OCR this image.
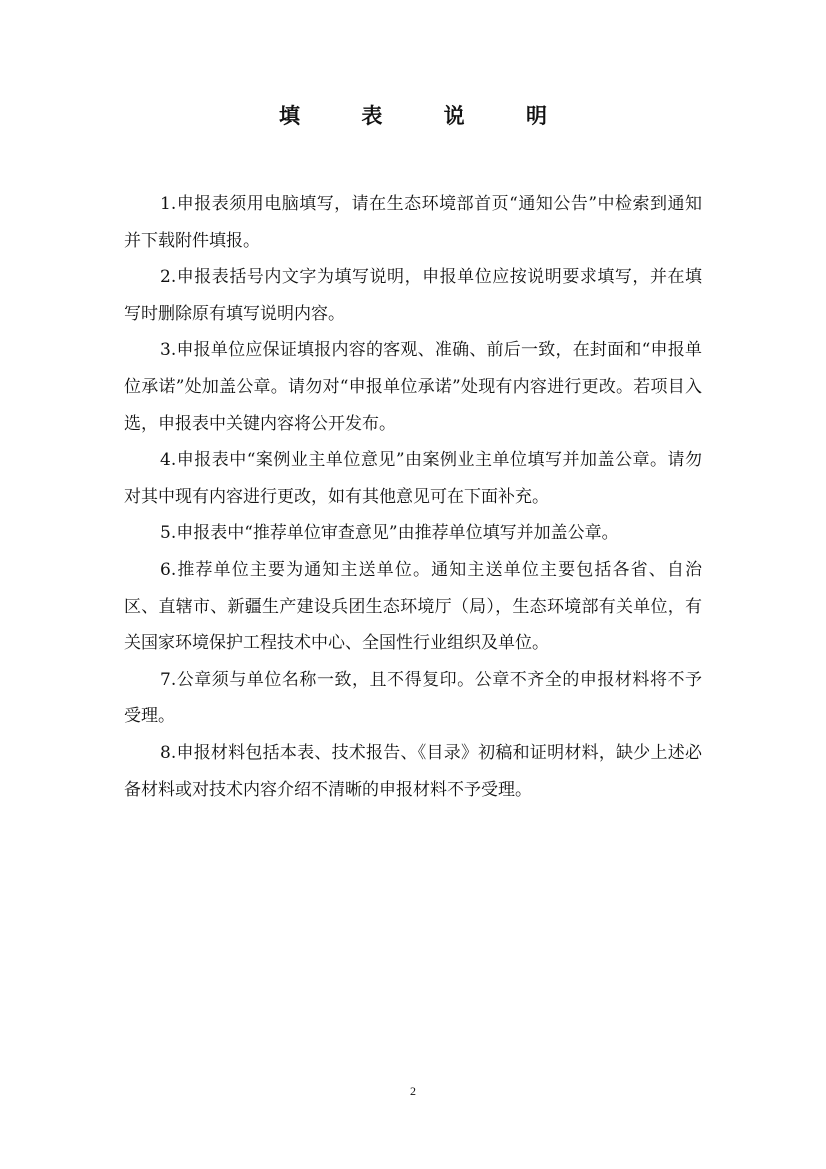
填 表 说 明

1.申报表须用电脑填写，请在生态环境部首页“通知公告”中检索到通知并下载附件填报。

2.申报表括号内文字为填写说明，申报单位应按说明要求填写，并在填写时删除原有填写说明内容。

3.申报单位应保证填报内容的客观、准确、前后一致，在封面和“申报单位承诺”处加盖公章。请勿对“申报单位承诺”处现有内容进行更改。若项目入选，申报表中关键内容将公开发布。

4.申报表中“案例业主单位意见”由案例业主单位填写并加盖公章。请勿对其中现有内容进行更改，如有其他意见可在下面补充。

5.申报表中“推荐单位审查意见”由推荐单位填写并加盖公章。

6.推荐单位主要为通知主送单位。通知主送单位主要包括各省、自治区、直辖市、新疆生产建设兵团生态环境厅（局），生态环境部有关单位，有关国家环境保护工程技术中心、全国性行业组织及单位。

7.公章须与单位名称一致，且不得复印。公章不齐全的申报材料将不予受理。

8.申报材料包括本表、技术报告、《目录》初稿和证明材料，缺少上述必备材料或对技术内容介绍不清晰的申报材料不予受理。

2
